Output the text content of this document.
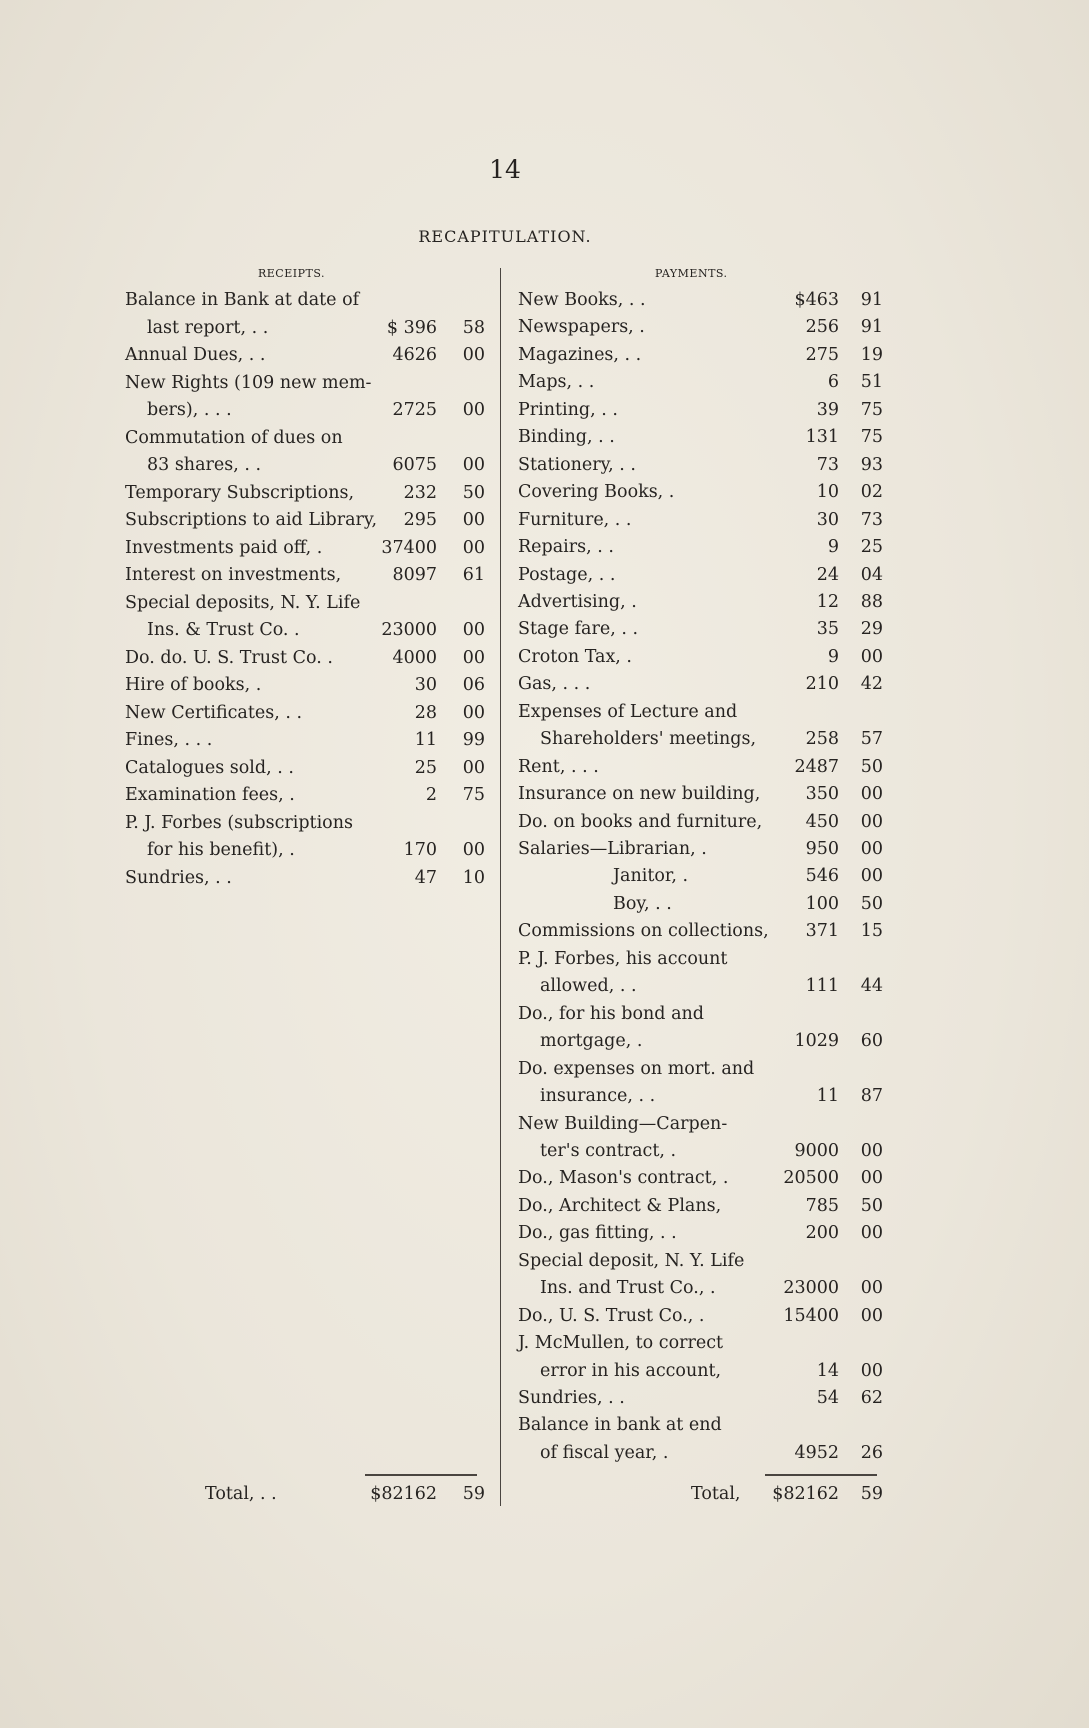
14
RECAPITULATION.
RECEIPTS.	PAYMENTS.
Balance in Bank at date of
last report, . .	$ 396 58
Annual Dues, . .	4626 00
New Rights (109 new mem-
bers), . . .	2725 00
Commutation of dues on
83 shares, . .	6075 00
Temporary Subscriptions,	232 50
Subscriptions to aid Library, 295 00
Investments paid off, .	37400 00
Interest on investments,	8097 61
Special deposits, N. Y. Life
Ins. & Trust Co. .	23000 00
Do. do. U. S. Trust Co. .	4000 00
Hire of books, .	30 06
New Certificates, . .	28 00
Fines, . . .	11 99
Catalogues sold, . .	25 00
Examination fees, .	2 75
P. J. Forbes (subscriptions
for his benefit), .	170 00
Sundries, . .	47 10
Total, . .	$82162 59
New Books, . .	$463 91
Newspapers, .	256 91
Magazines, . .	275 19
Maps, . .	6 51
Printing, . .	39 75
Binding, . .	131 75
Stationery, . .	73 93
Covering Books, .	10 02
Furniture, . .	30 73
Repairs, . .	9 25
Postage, . .	24 04
Advertising, .	12 88
Stage fare, . .	35 29
Croton Tax, .	9 00
Gas, . . .	210 42
Expenses of Lecture and
Shareholders' meetings,	258 57
Rent, . . .	2487 50
Insurance on new building,	350 00
Do. on books and furniture, 450 00
Salaries—Librarian, .	950 00
Janitor, .	546 00
Boy, . .	100 50
Commissions on collections, 371 15
P. J. Forbes, his account
allowed, . .	111 44
Do., for his bond and
mortgage, .	1029 60
Do. expenses on mort. and
insurance, . .	11 87
New Building—Carpen-
ter's contract, .	9000 00
Do., Mason's contract, .	20500 00
Do., Architect & Plans,	785 50
Do., gas fitting, . .	200 00
Special deposit, N. Y. Life
Ins. and Trust Co., .	23000 00
Do., U. S. Trust Co., .	15400 00
J. McMullen, to correct
error in his account,	14 00
Sundries, . .	54 62
Balance in bank at end
of fiscal year, .	4952 26
Total, $82162 59
